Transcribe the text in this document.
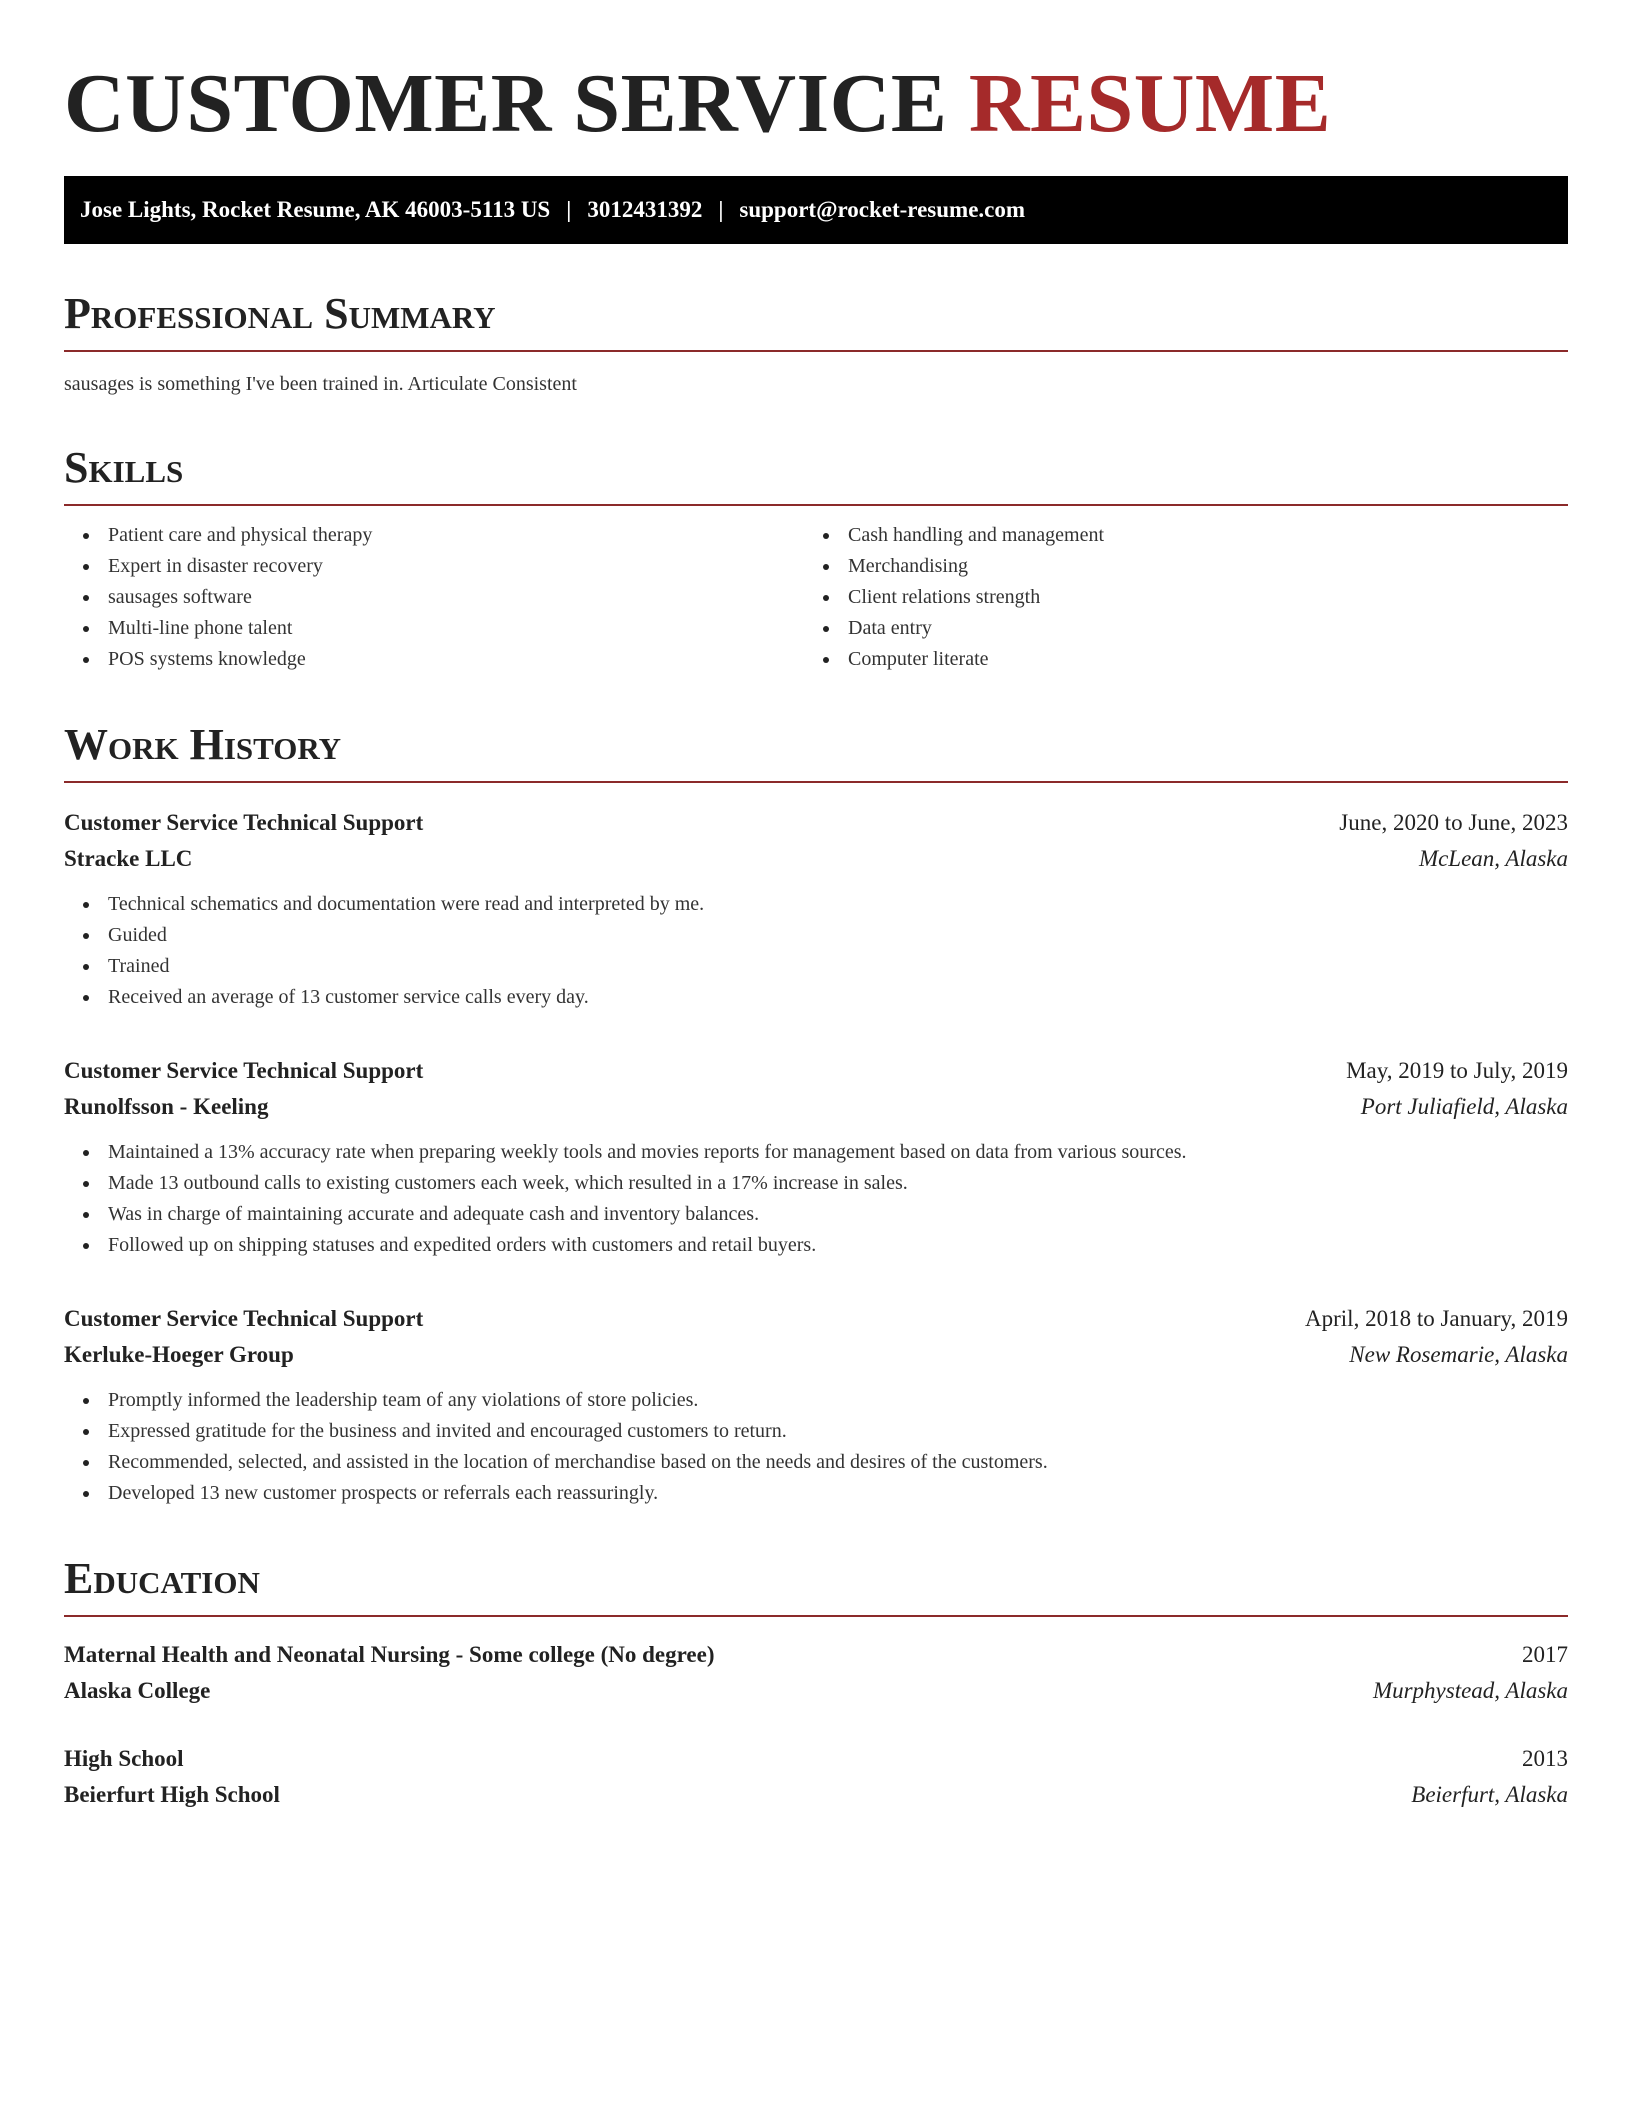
CUSTOMER SERVICE RESUME
Jose Lights, Rocket Resume, AK 46003-5113 US | 3012431392 | support@rocket-resume.com
Professional Summary

sausages is something I've been trained in. Articulate Consistent

Skills
Patient care and physical therapy
Expert in disaster recovery
sausages software
Multi-line phone talent
POS systems knowledge
Cash handling and management
Merchandising
Client relations strength
Data entry
Computer literate
Work History
Customer Service Technical Support	June, 2020 to June, 2023
Stracke LLC	McLean, Alaska
Technical schematics and documentation were read and interpreted by me.
Guided
Trained
Received an average of 13 customer service calls every day.
Customer Service Technical Support	May, 2019 to July, 2019
Runolfsson - Keeling	Port Juliafield, Alaska
Maintained a 13% accuracy rate when preparing weekly tools and movies reports for management based on data from various sources.
Made 13 outbound calls to existing customers each week, which resulted in a 17% increase in sales.
Was in charge of maintaining accurate and adequate cash and inventory balances.
Followed up on shipping statuses and expedited orders with customers and retail buyers.
Customer Service Technical Support	April, 2018 to January, 2019
Kerluke-Hoeger Group	New Rosemarie, Alaska
Promptly informed the leadership team of any violations of store policies.
Expressed gratitude for the business and invited and encouraged customers to return.
Recommended, selected, and assisted in the location of merchandise based on the needs and desires of the customers.
Developed 13 new customer prospects or referrals each reassuringly.
Education
Maternal Health and Neonatal Nursing - Some college (No degree)	2017
Alaska College	Murphystead, Alaska
High School	2013
Beierfurt High School	Beierfurt, Alaska
